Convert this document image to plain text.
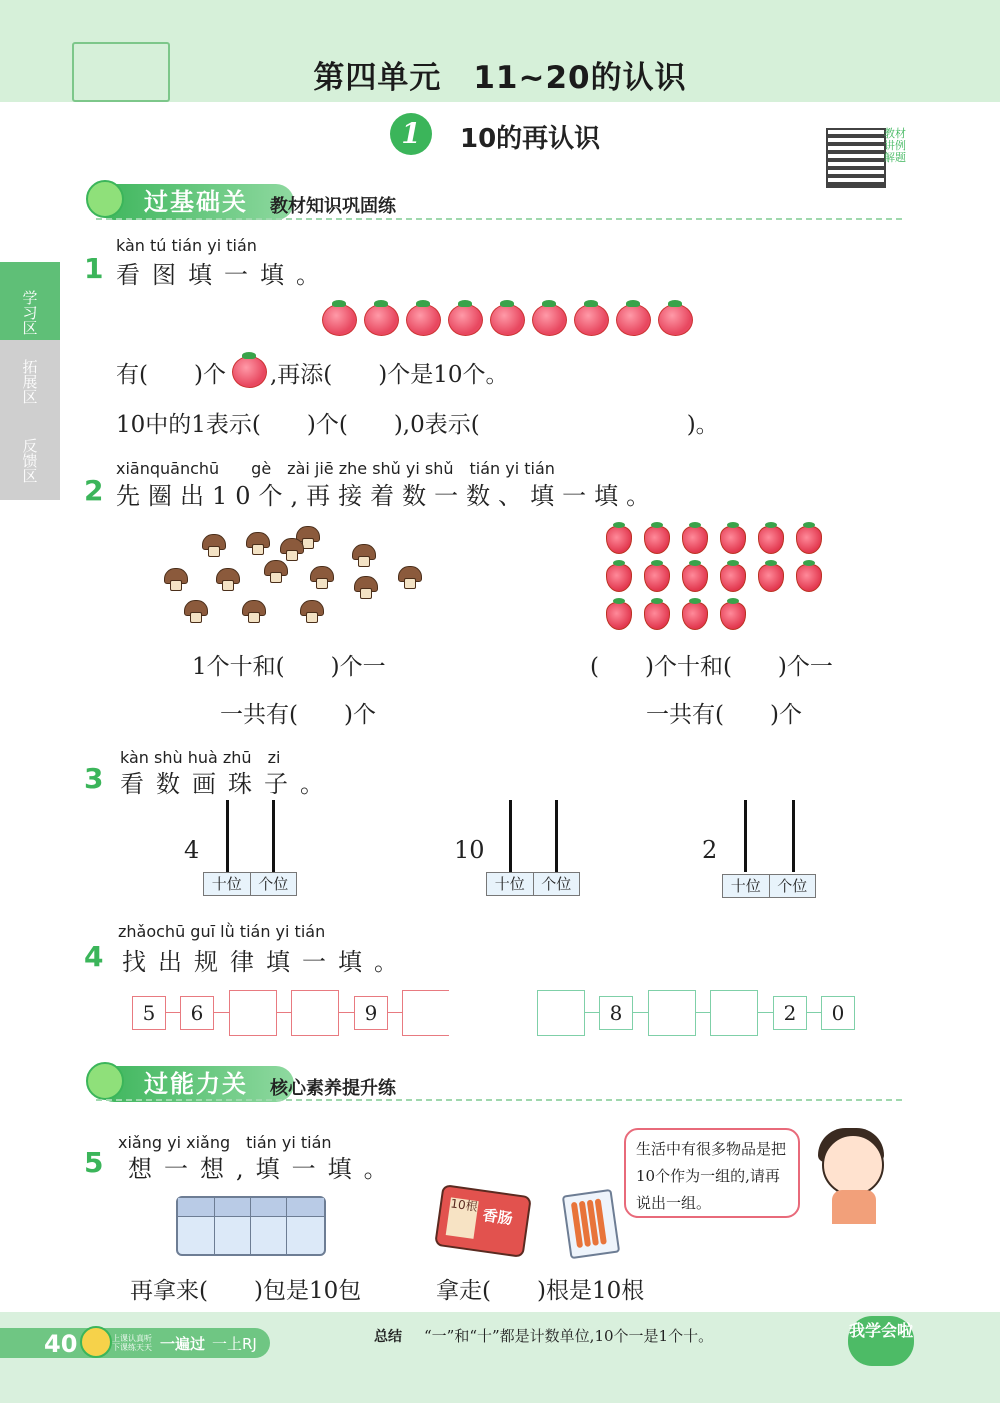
第四单元　11~20的认识
1	10的再认识	教材讲例解题
学习区
拓展区
反馈区
过基础关	教材知识巩固练
1
kàn tú tián yi tián
看图填一填。
有(　　)个 ,再添(　　)个是10个。
10中的1表示(　　)个(　　),0表示(　　　　　　　　　)。
2
xiānquānchū　　gè　zài jiē zhe shǔ yi shǔ　tián yi tián
先圈出10个,再接着数一数、填一填。
1个十和(　　)个一
一共有(　　)个
(　　)个十和(　　)个一
一共有(　　)个
3
kàn shù huà zhū　zi
看数画珠子。
4
十位	个位
10
十位	个位
2
十位	个位
4
zhǎochū guī lǜ tián yi tián
找出规律填一填。
5	6	9	8	2	0
过能力关	核心素养提升练
5
xiǎng yi xiǎng　tián yi tián
想一想,填一填。
10根
香肠
生活中有很多物品是把10个作为一组的,请再说出一组。
再拿来(　　)包是10包	拿走(　　)根是10根
40	上课认真听 下课练天天 一遍过 一上RJ	总结 “一”和“十”都是计数单位,10个一是1个十。	我学会啦
